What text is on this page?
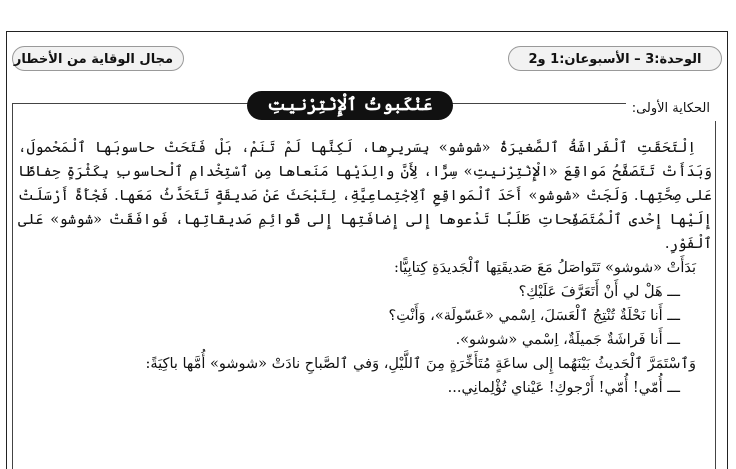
الوحدة:3 – الأسبوعان:1 و2
مجال الوقاية من الأخطار
الحكاية الأولى:
عَنْكَبوتُ ٱلْإِنْتِرْنيتِ

اِلْتَحَقَتِ ٱلْفَراشَةُ ٱلصَّغيرَةُ «شوشو» بِسَريرِها، لَكِنَّها لَمْ تَنَمْ، بَلْ فَتَحَتْ حاسوبَها ٱلْمَحْمولَ، وَبَدَأَتْ تَتَصَفَّحُ مَواقِعَ «الْإِنْتِرْنيتِ» سِرًّا، لِأَنَّ والِدَيْها مَنَعاها مِنِ ٱسْتِخْدامِ ٱلْحاسوبِ بِكَثْرَةٍ حِفاظًا عَلى صِحَّتِها. وَلَجَتْ «شوشو» أَحَدَ ٱلْمَواقِعِ ٱلِاجْتِماعِيَّةِ، لِتَبْحَثَ عَنْ صَديقَةٍ تَتَحَدَّثُ مَعَها. فَجْأَةً أَرْسَلَتْ إِلَيْها إِحْدى ٱلْمُتَصَفِّحاتِ طَلَبًا تَدْعوها إِلى إِضافَتِها إِلى قَوائِمِ صَديقاتِها، فَوافَقَتْ «شوشو» عَلى ٱلْفَوْرِ.

بَدَأَتْ «شوشو» تَتَواصَلُ مَعَ صَديقَتِها ٱلْجَديدَةِ كِتابِيًّا:

ـــ هَلْ لي أَنْ أَتَعَرَّفَ عَلَيْكِ؟

ـــ أَنا نَحْلَةٌ تُنْتِجُ ٱلْعَسَلَ، اِسْمي «عَسّولَة»، وَأَنْتِ؟

ـــ أَنا فَراشَةٌ جَميلَةٌ، اِسْمي «شوشو».

وَٱسْتَمَرَّ ٱلْحَديثُ بَيْنَهُما إِلى ساعَةٍ مُتَأَخِّرَةٍ مِنَ ٱللَّيْلِ، وَفي ٱلصَّباحِ نادَتْ «شوشو» أُمَّها باكِيَةً:

ـــ أُمّي! أُمّي! أَرْجوكِ! عَيْناي تُؤْلِمانِي...
